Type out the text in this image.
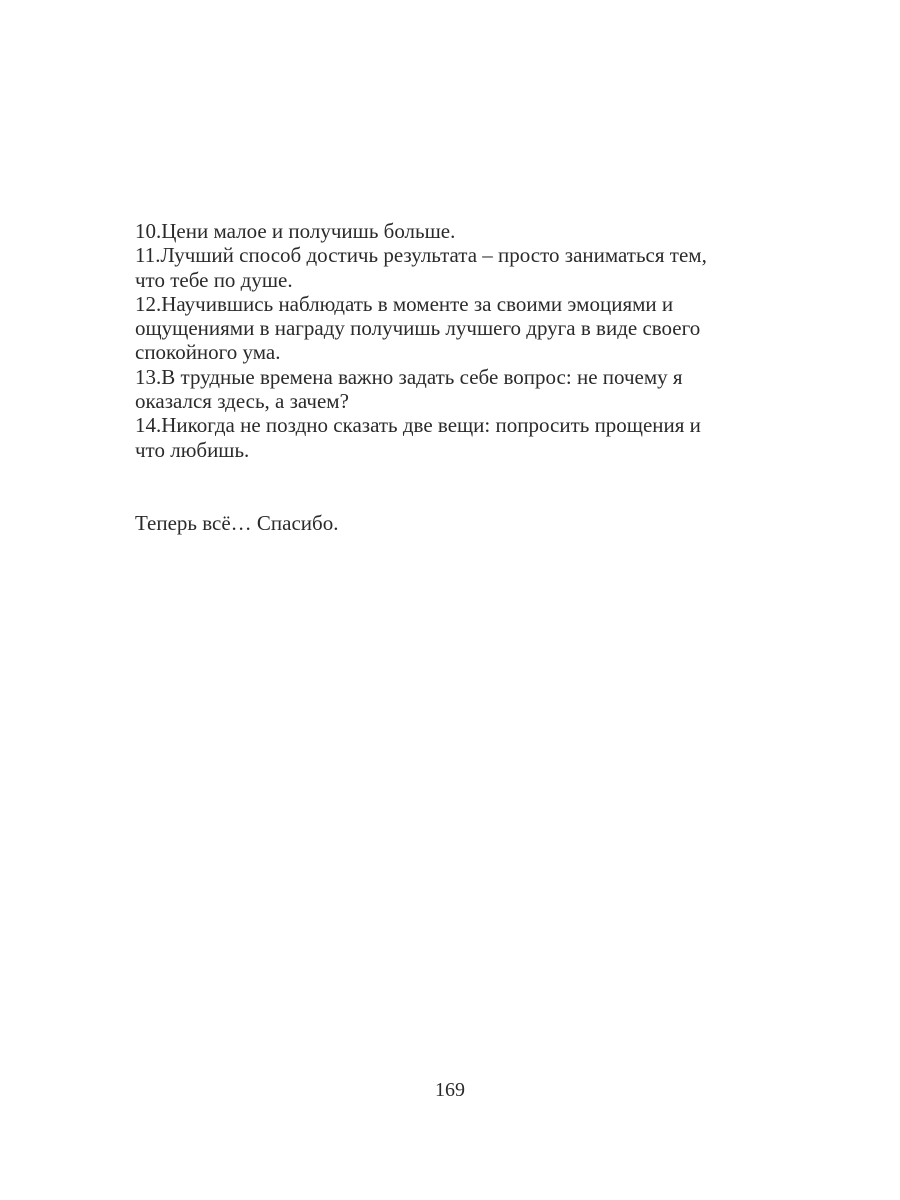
10.Цени малое и получишь больше.
11.Лучший способ достичь результата – просто заниматься тем,
что тебе по душе.
12.Научившись наблюдать в моменте за своими эмоциями и
ощущениями в награду получишь лучшего друга в виде своего
спокойного ума.
13.В трудные времена важно задать себе вопрос: не почему я
оказался здесь, а зачем?
14.Никогда не поздно сказать две вещи: попросить прощения и
что любишь.

Теперь всё… Спасибо.

169
